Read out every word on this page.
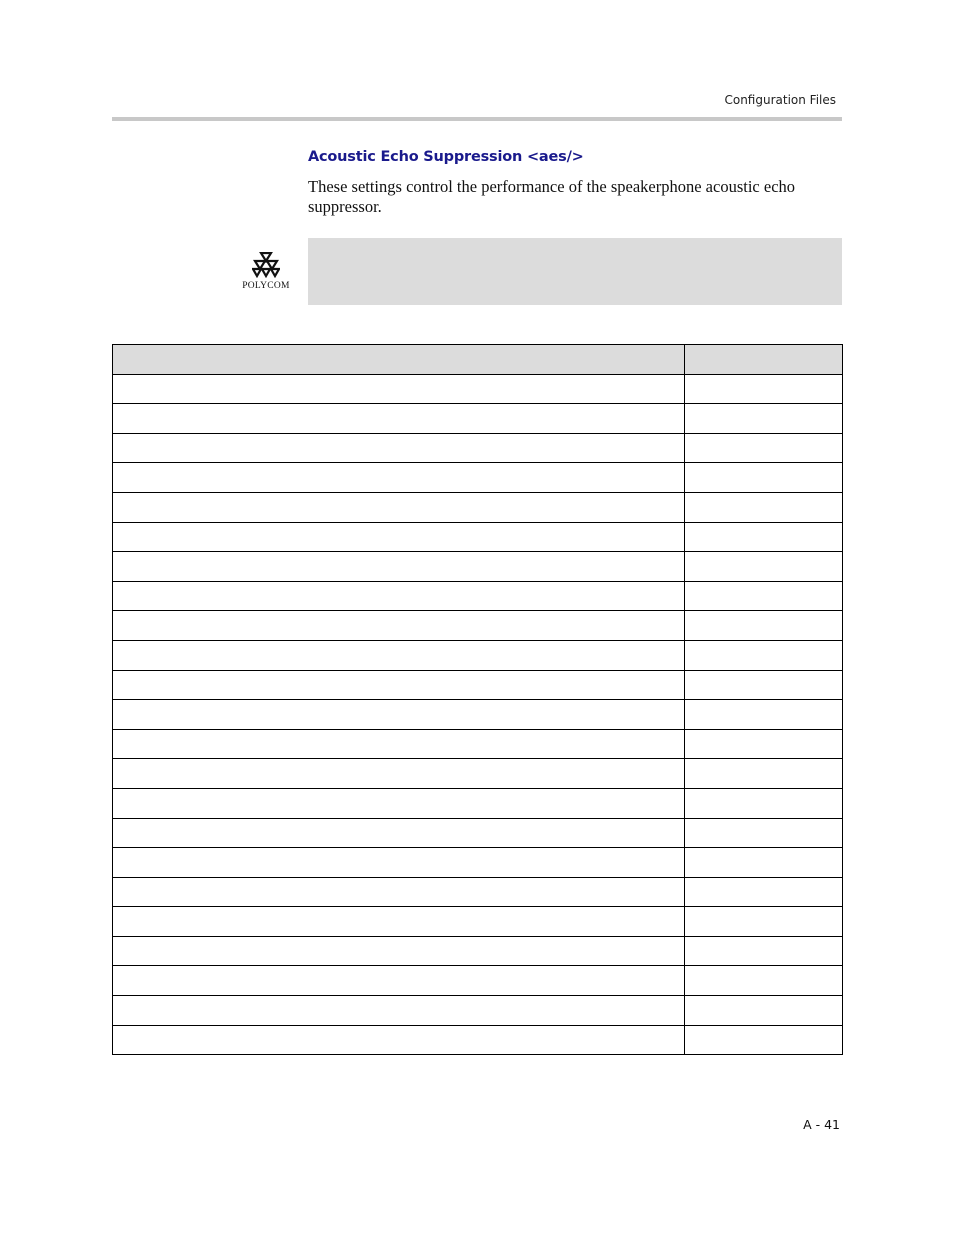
Configuration Files
Acoustic Echo Suppression <aes/>
These settings control the performance of the speakerphone acoustic echo suppressor.
POLYCOM

A - 41
